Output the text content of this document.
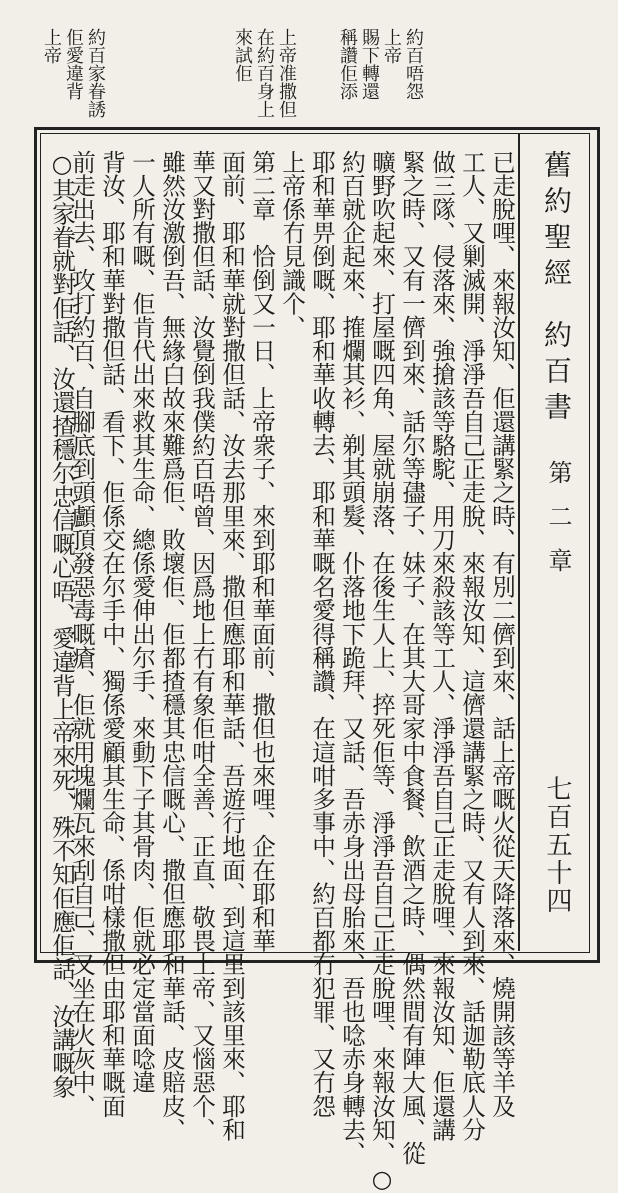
約百唔怨
上帝
賜下轉還
稱讚佢添
上帝准撒但
在約百身上
來試佢
約百家眷誘
佢愛違背
上帝
舊約聖經
約百書
第二章
七百五十四
已走脫哩、來報汝知、佢還講緊之時、有別二儕到來、話上帝嘅火從天降落來、燒開該等羊及
工人、又剿滅開、淨淨吾自己正走脫、來報汝知、這儕還講緊之時、又有人到來、話迦勒底人分
做三隊、侵落來、強搶該等駱駝、用刀來殺該等工人、淨淨吾自己正走脫哩、來報汝知、佢還講
緊之時、又有一儕到來、話尔等孻子、妹子、在其大哥家中食餐、飲酒之時、偶然間有陣大風、從
曠野吹起來、打屋嘅四角、屋就崩落、在後生人上、捽死佢等、淨淨吾自己正走脫哩、來報汝知、○
約百就企起來、搉爛其衫、剃其頭髮、仆落地下跪拜、又話、吾赤身出母胎來、吾也唸赤身轉去、
耶和華畀倒嘅、耶和華收轉去、耶和華嘅名愛得稱讚、在這咁多事中、約百都冇犯罪、又冇怨
上帝係冇見識个、
第二章　恰倒又一日、上帝衆子、來到耶和華面前、撒但也來哩、企在耶和華
面前、耶和華就對撒但話、汝去那里來、撒但應耶和華話、吾遊行地面、到這里到該里來、耶和
華又對撒但話、汝覺倒我僕約百唔曾、因爲地上冇有象佢咁全善、正直、敬畏上帝、又惱惡个、
雖然汝激倒吾、無緣白故來難爲佢、敗壞佢、佢都揸穩其忠信嘅心、撒但應耶和華話、皮賠皮、
一人所有嘅、佢肯代出來救其生命、總係愛伸出尔手、來動下子其骨肉、佢就必定當面唸違
背汝、耶和華對撒但話、看下、佢係交在尔手中、獨係愛顧其生命、係咁樣撒但由耶和華嘅面
前走出去、攻打約百、自腳底到頭顱頂發惡毒嘅瘡、佢就用塊爛瓦來刮自己、又坐在火灰中、
○其家眷就對佢話、汝還揸穩尔忠信嘅心唔、愛違背上帝來死、殊不知佢應佢話、汝講嘅象
